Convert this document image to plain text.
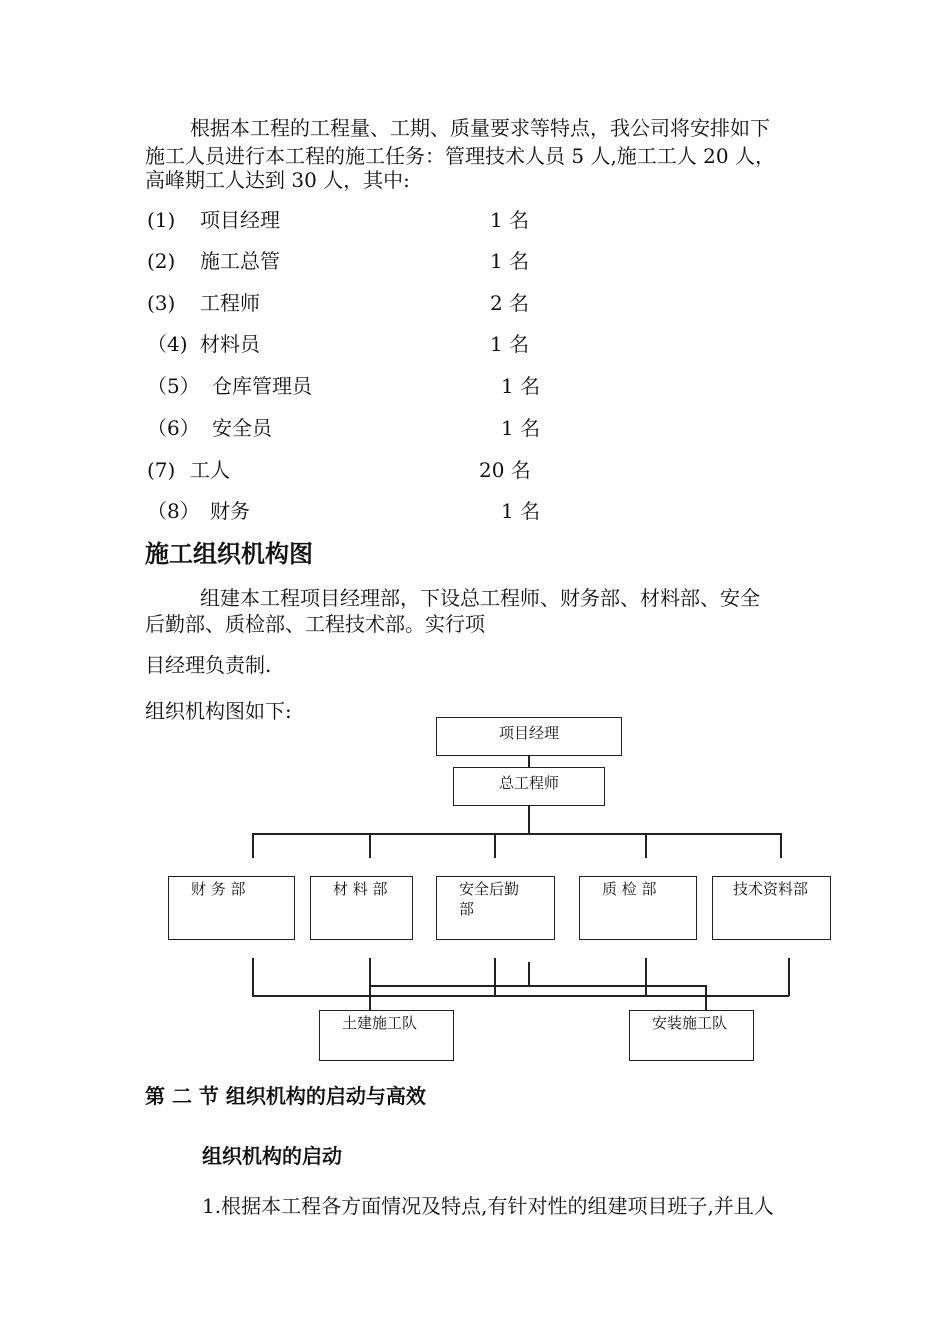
根据本工程的工程量、工期、质量要求等特点，我公司将安排如下
施工人员进行本工程的施工任务：管理技术人员 5 人,施工工人 20 人，
高峰期工人达到 30 人，其中:
(1) 项目经理	1 名
(2) 施工总管	1 名
(3) 工程师	2 名
（4) 材料员	1 名
（5） 仓库管理员	1 名
（6） 安全员	1 名
(7) 工人	20 名
（8） 财务	1 名
施工组织机构图
组建本工程项目经理部，下设总工程师、财务部、材料部、安全
后勤部、质检部、工程技术部。实行项
目经理负责制.
组织机构图如下:
项目经理
总工程师
财 务 部	材 料 部	安全后勤部
质 检 部	技术资料部
土建施工队	安装施工队
第 二 节 组织机构的启动与高效
组织机构的启动
1.根据本工程各方面情况及特点,有针对性的组建项目班子,并且人
